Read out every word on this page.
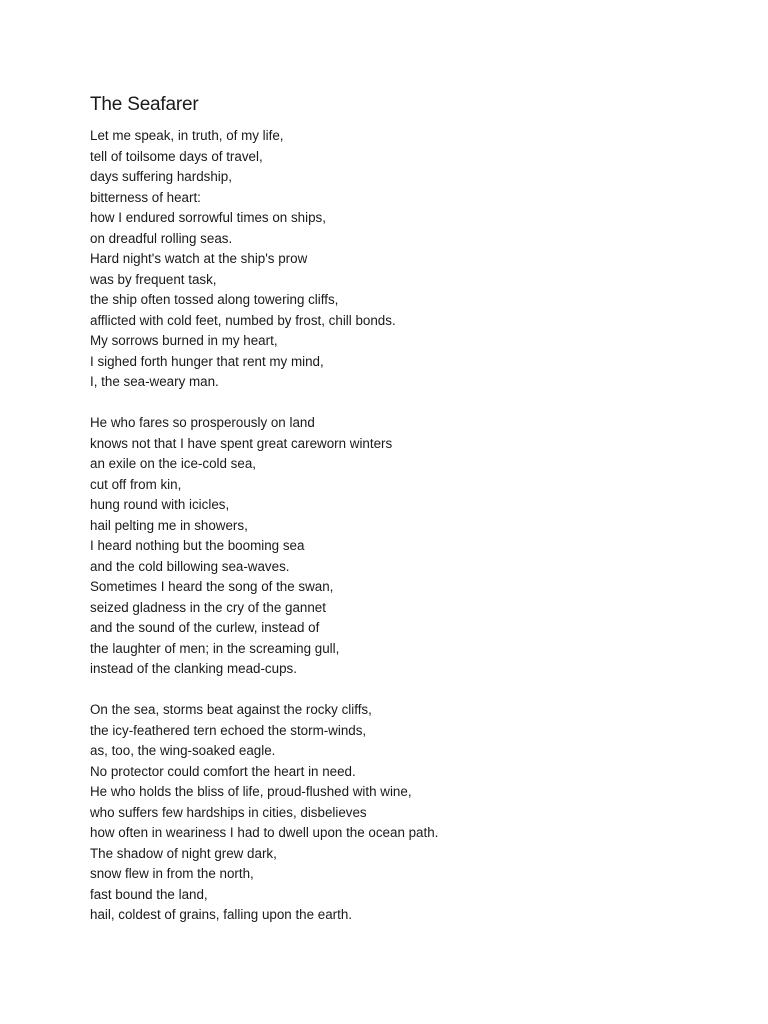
The Seafarer
Let me speak, in truth, of my life,
tell of toilsome days of travel,
days suffering hardship,
bitterness of heart:
how I endured sorrowful times on ships,
on dreadful rolling seas.
Hard night's watch at the ship's prow
was by frequent task,
the ship often tossed along towering cliffs,
afflicted with cold feet, numbed by frost, chill bonds.
My sorrows burned in my heart,
I sighed forth hunger that rent my mind,
I, the sea-weary man.
He who fares so prosperously on land
knows not that I have spent great careworn winters
an exile on the ice-cold sea,
cut off from kin,
hung round with icicles,
hail pelting me in showers,
I heard nothing but the booming sea
and the cold billowing sea-waves.
Sometimes I heard the song of the swan,
seized gladness in the cry of the gannet
and the sound of the curlew, instead of
the laughter of men; in the screaming gull,
instead of the clanking mead-cups.
On the sea, storms beat against the rocky cliffs,
the icy-feathered tern echoed the storm-winds,
as, too, the wing-soaked eagle.
No protector could comfort the heart in need.
He who holds the bliss of life, proud-flushed with wine,
who suffers few hardships in cities, disbelieves
how often in weariness I had to dwell upon the ocean path.
The shadow of night grew dark,
snow flew in from the north,
fast bound the land,
hail, coldest of grains, falling upon the earth.
